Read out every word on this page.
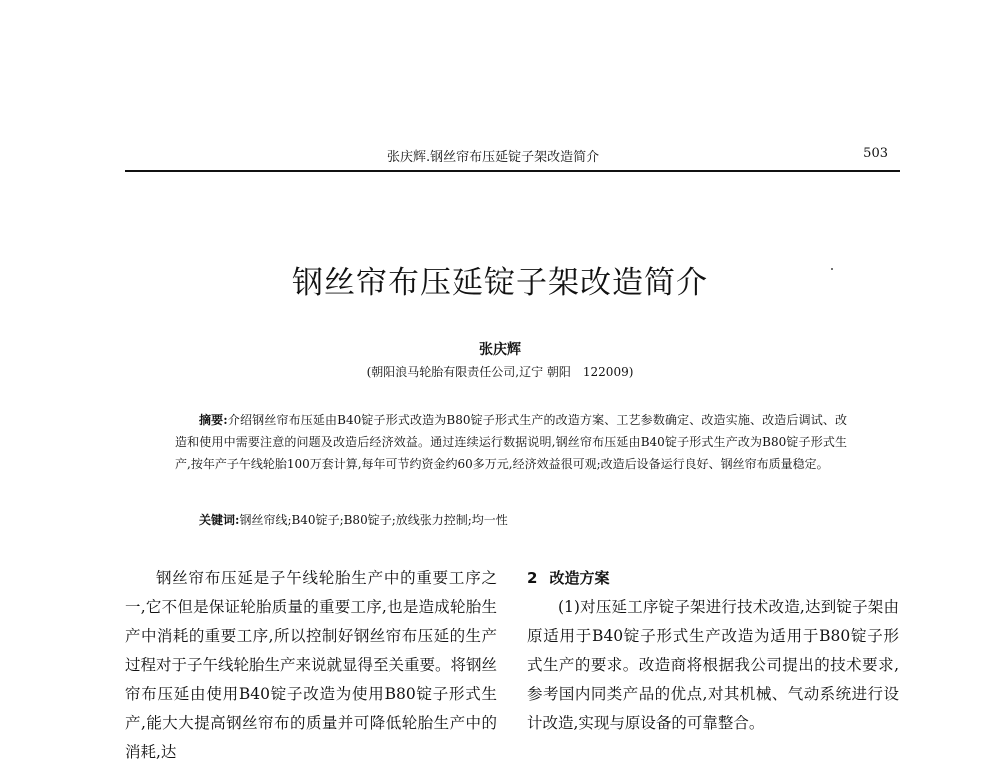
张庆辉.钢丝帘布压延锭子架改造简介	503
钢丝帘布压延锭子架改造简介
张庆辉
(朝阳浪马轮胎有限责任公司,辽宁 朝阳　122009)

摘要:介绍钢丝帘布压延由B40锭子形式改造为B80锭子形式生产的改造方案、工艺参数确定、改造实施、改造后调试、改造和使用中需要注意的问题及改造后经济效益。通过连续运行数据说明,钢丝帘布压延由B40锭子形式生产改为B80锭子形式生产,按年产子午线轮胎100万套计算,每年可节约资金约60多万元,经济效益很可观;改造后设备运行良好、钢丝帘布质量稳定。

关键词:钢丝帘线;B40锭子;B80锭子;放线张力控制;均一性

钢丝帘布压延是子午线轮胎生产中的重要工序之一,它不但是保证轮胎质量的重要工序,也是造成轮胎生产中消耗的重要工序,所以控制好钢丝帘布压延的生产过程对于子午线轮胎生产来说就显得至关重要。将钢丝帘布压延由使用B40锭子改造为使用B80锭子形式生产,能大大提高钢丝帘布的质量并可降低轮胎生产中的消耗,达

2 改造方案

(1)对压延工序锭子架进行技术改造,达到锭子架由原适用于B40锭子形式生产改造为适用于B80锭子形式生产的要求。改造商将根据我公司提出的技术要求,参考国内同类产品的优点,对其机械、气动系统进行设计改造,实现与原设备的可靠整合。
